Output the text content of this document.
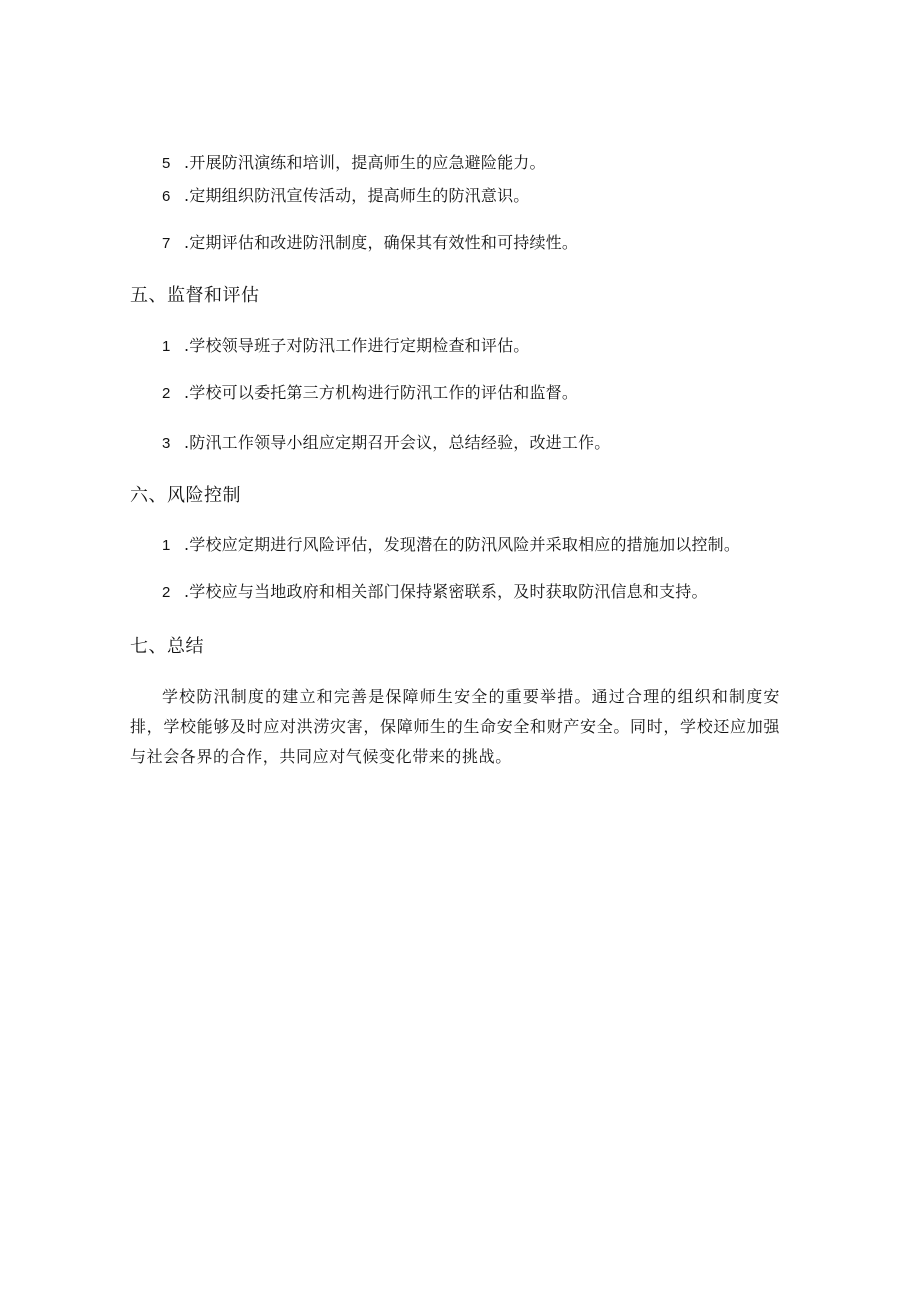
5 .开展防汛演练和培训，提高师生的应急避险能力。
6 .定期组织防汛宣传活动，提高师生的防汛意识。
7 .定期评估和改进防汛制度，确保其有效性和可持续性。
五、监督和评估
1 .学校领导班子对防汛工作进行定期检查和评估。
2 .学校可以委托第三方机构进行防汛工作的评估和监督。
3 .防汛工作领导小组应定期召开会议，总结经验，改进工作。
六、风险控制
1 .学校应定期进行风险评估，发现潜在的防汛风险并采取相应的措施加以控制。
2 .学校应与当地政府和相关部门保持紧密联系，及时获取防汛信息和支持。
七、总结

学校防汛制度的建立和完善是保障师生安全的重要举措。通过合理的组织和制度安排，学校能够及时应对洪涝灾害，保障师生的生命安全和财产安全。同时，学校还应加强与社会各界的合作，共同应对气候变化带来的挑战。
